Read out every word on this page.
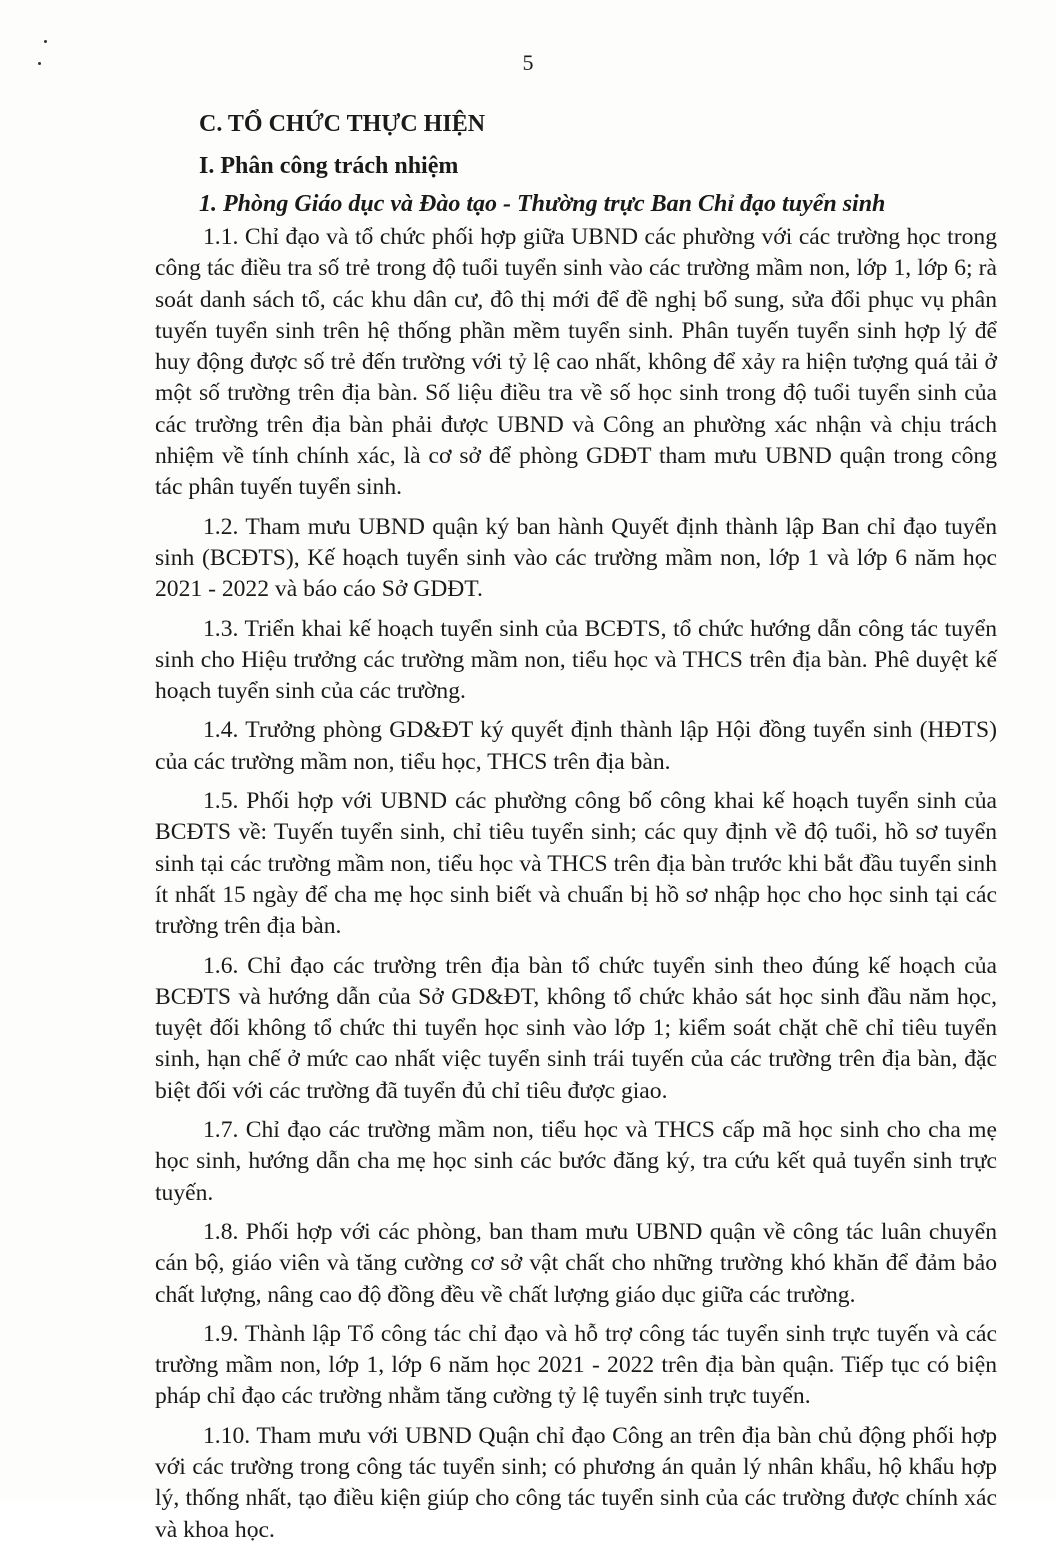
5
C. TỔ CHỨC THỰC HIỆN
I. Phân công trách nhiệm
1. Phòng Giáo dục và Đào tạo - Thường trực Ban Chỉ đạo tuyển sinh

1.1. Chỉ đạo và tổ chức phối hợp giữa UBND các phường với các trường học trong công tác điều tra số trẻ trong độ tuổi tuyển sinh vào các trường mầm non, lớp 1, lớp 6; rà soát danh sách tổ, các khu dân cư, đô thị mới để đề nghị bổ sung, sửa đổi phục vụ phân tuyến tuyển sinh trên hệ thống phần mềm tuyển sinh. Phân tuyến tuyển sinh hợp lý để huy động được số trẻ đến trường với tỷ lệ cao nhất, không để xảy ra hiện tượng quá tải ở một số trường trên địa bàn. Số liệu điều tra về số học sinh trong độ tuổi tuyển sinh của các trường trên địa bàn phải được UBND và Công an phường xác nhận và chịu trách nhiệm về tính chính xác, là cơ sở để phòng GDĐT tham mưu UBND quận trong công tác phân tuyến tuyển sinh.

1.2. Tham mưu UBND quận ký ban hành Quyết định thành lập Ban chỉ đạo tuyển sinh (BCĐTS), Kế hoạch tuyển sinh vào các trường mầm non, lớp 1 và lớp 6 năm học 2021 - 2022 và báo cáo Sở GDĐT.

1.3. Triển khai kế hoạch tuyển sinh của BCĐTS, tổ chức hướng dẫn công tác tuyển sinh cho Hiệu trưởng các trường mầm non, tiểu học và THCS trên địa bàn. Phê duyệt kế hoạch tuyển sinh của các trường.

1.4. Trưởng phòng GD&ĐT ký quyết định thành lập Hội đồng tuyển sinh (HĐTS) của các trường mầm non, tiểu học, THCS trên địa bàn.

1.5. Phối hợp với UBND các phường công bố công khai kế hoạch tuyển sinh của BCĐTS về: Tuyến tuyển sinh, chỉ tiêu tuyển sinh; các quy định về độ tuổi, hồ sơ tuyển sinh tại các trường mầm non, tiểu học và THCS trên địa bàn trước khi bắt đầu tuyển sinh ít nhất 15 ngày để cha mẹ học sinh biết và chuẩn bị hồ sơ nhập học cho học sinh tại các trường trên địa bàn.

1.6. Chỉ đạo các trường trên địa bàn tổ chức tuyển sinh theo đúng kế hoạch của BCĐTS và hướng dẫn của Sở GD&ĐT, không tổ chức khảo sát học sinh đầu năm học, tuyệt đối không tổ chức thi tuyển học sinh vào lớp 1; kiểm soát chặt chẽ chỉ tiêu tuyển sinh, hạn chế ở mức cao nhất việc tuyển sinh trái tuyến của các trường trên địa bàn, đặc biệt đối với các trường đã tuyển đủ chỉ tiêu được giao.

1.7. Chỉ đạo các trường mầm non, tiểu học và THCS cấp mã học sinh cho cha mẹ học sinh, hướng dẫn cha mẹ học sinh các bước đăng ký, tra cứu kết quả tuyển sinh trực tuyến.

1.8. Phối hợp với các phòng, ban tham mưu UBND quận về công tác luân chuyển cán bộ, giáo viên và tăng cường cơ sở vật chất cho những trường khó khăn để đảm bảo chất lượng, nâng cao độ đồng đều về chất lượng giáo dục giữa các trường.

1.9. Thành lập Tổ công tác chỉ đạo và hỗ trợ công tác tuyển sinh trực tuyến và các trường mầm non, lớp 1, lớp 6 năm học 2021 - 2022 trên địa bàn quận. Tiếp tục có biện pháp chỉ đạo các trường nhằm tăng cường tỷ lệ tuyển sinh trực tuyến.

1.10. Tham mưu với UBND Quận chỉ đạo Công an trên địa bàn chủ động phối hợp với các trường trong công tác tuyển sinh; có phương án quản lý nhân khẩu, hộ khẩu hợp lý, thống nhất, tạo điều kiện giúp cho công tác tuyển sinh của các trường được chính xác và khoa học.
